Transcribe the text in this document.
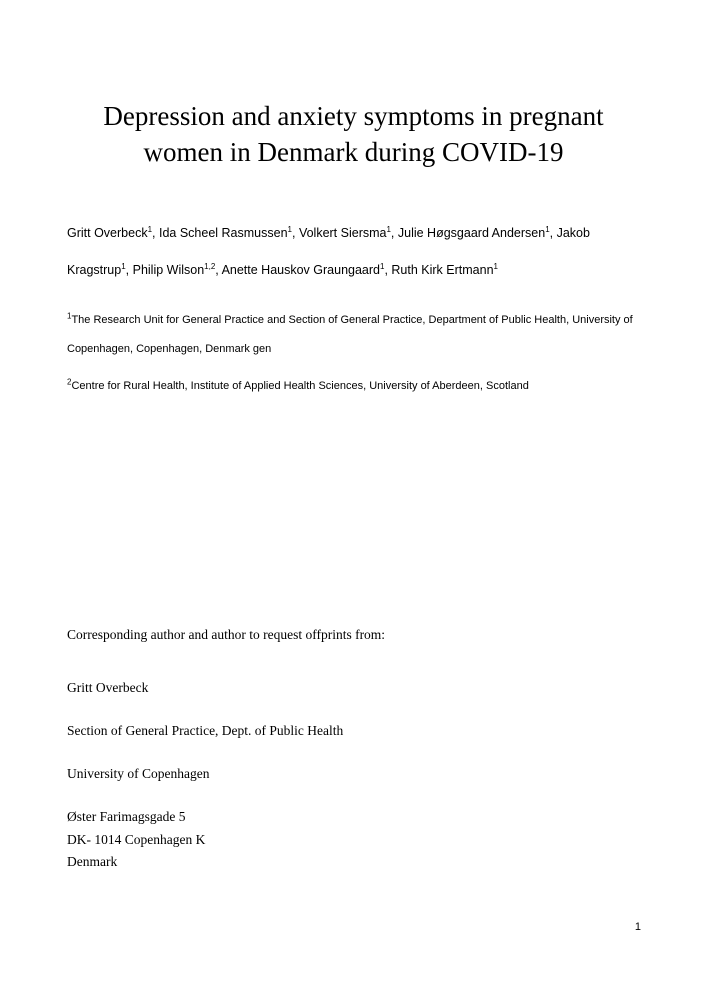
Depression and anxiety symptoms in pregnant
women in Denmark during COVID-19

Gritt Overbeck$^1$, Ida Scheel Rasmussen$^1$, Volkert Siersma$^1$, Julie Høgsgaard Andersen$^1$, Jakob Kragstrup$^1$, Philip Wilson$^{1,2}$, Anette Hauskov Graungaard$^1$, Ruth Kirk Ertmann$^1$

$^1$The Research Unit for General Practice and Section of General Practice, Department of Public Health, University of Copenhagen, Copenhagen, Denmark gen

$^2$Centre for Rural Health, Institute of Applied Health Sciences, University of Aberdeen, Scotland

Corresponding author and author to request offprints from:

Gritt Overbeck

Section of General Practice, Dept. of Public Health

University of Copenhagen

Øster Farimagsgade 5

DK- 1014 Copenhagen K

Denmark

1
